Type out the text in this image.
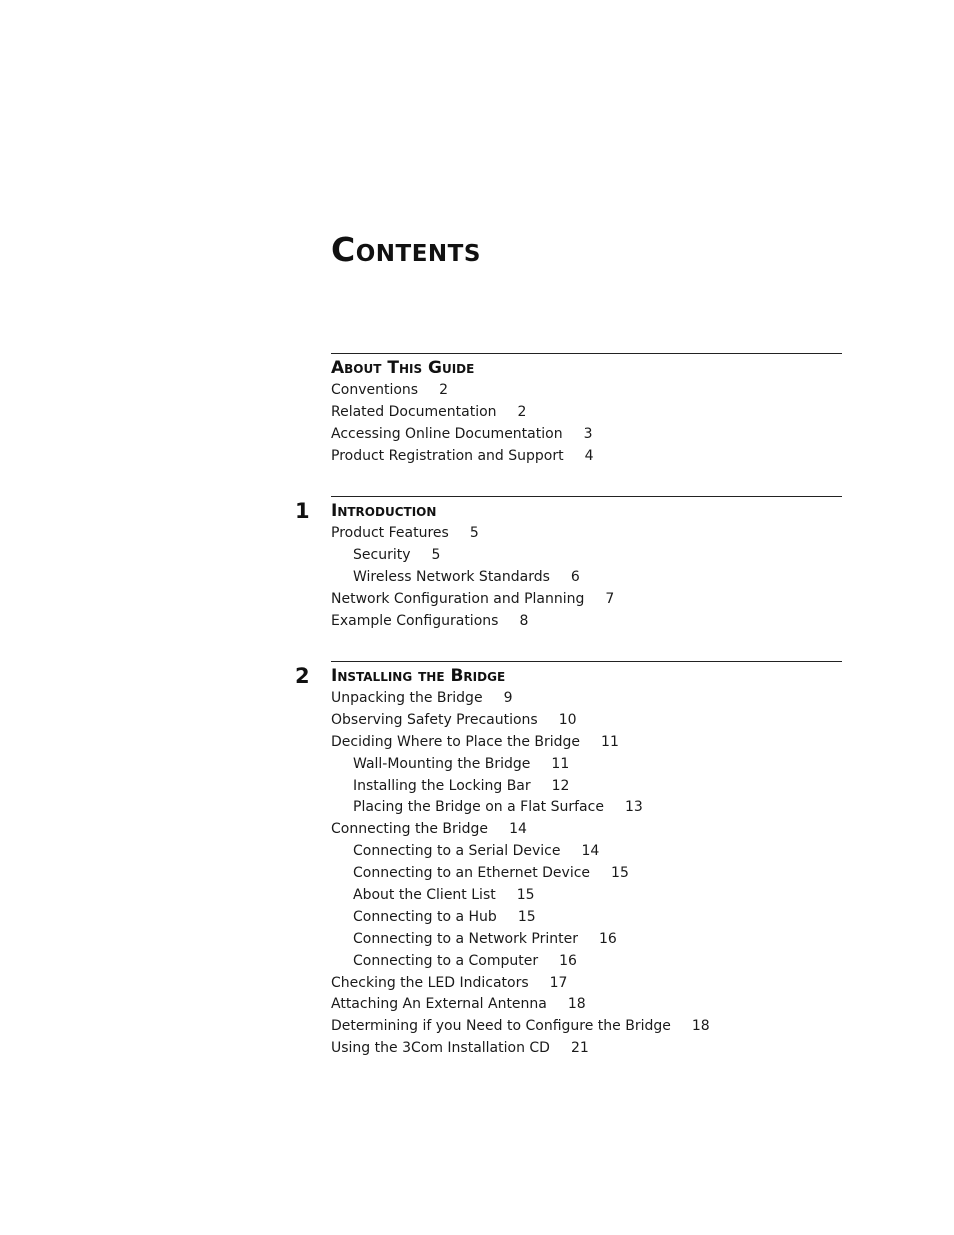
Contents
About This Guide
Conventions 2
Related Documentation 2
Accessing Online Documentation 3
Product Registration and Support 4
1 Introduction
Product Features 5
Security 5
Wireless Network Standards 6
Network Configuration and Planning 7
Example Configurations 8
2 Installing the Bridge
Unpacking the Bridge 9
Observing Safety Precautions 10
Deciding Where to Place the Bridge 11
Wall-Mounting the Bridge 11
Installing the Locking Bar 12
Placing the Bridge on a Flat Surface 13
Connecting the Bridge 14
Connecting to a Serial Device 14
Connecting to an Ethernet Device 15
About the Client List 15
Connecting to a Hub 15
Connecting to a Network Printer 16
Connecting to a Computer 16
Checking the LED Indicators 17
Attaching An External Antenna 18
Determining if you Need to Configure the Bridge 18
Using the 3Com Installation CD 21
